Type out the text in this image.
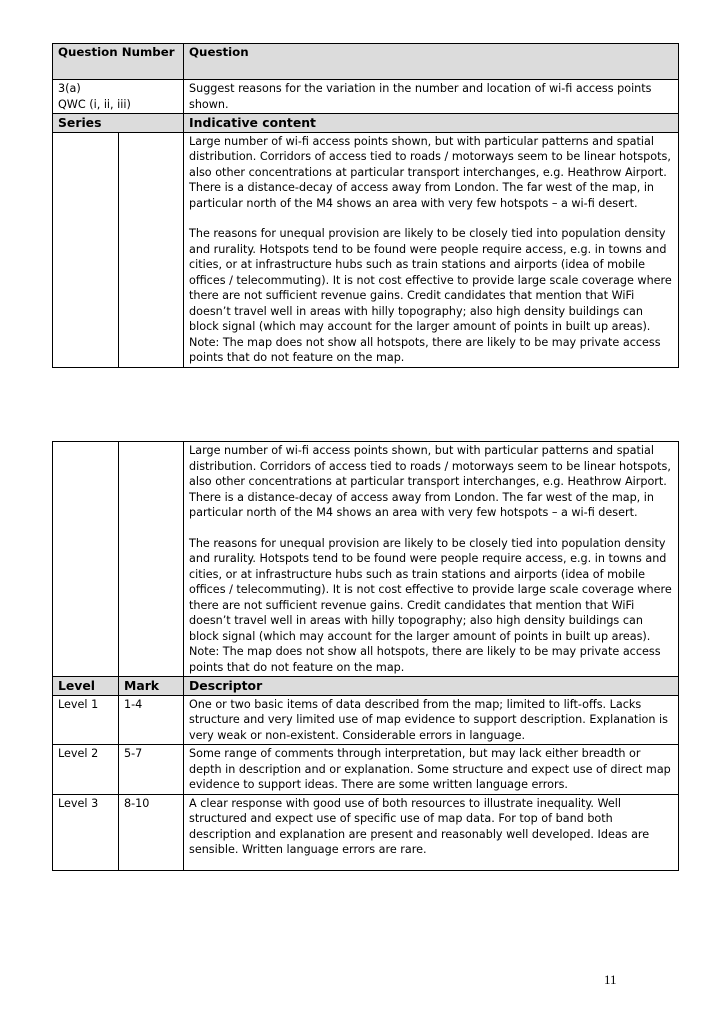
Question Number		Question

3(a)
QWC (i, ii, iii)		Suggest reasons for the variation in the number and location of wi-fi access points shown.
Series		Indicative content

		Large number of wi-fi access points shown, but with particular patterns and spatial distribution. Corridors of access tied to roads / motorways seem to be linear hotspots, also other concentrations at particular transport interchanges, e.g. Heathrow Airport. There is a distance-decay of access away from London. The far west of the map, in particular north of the M4 shows an area with very few hotspots – a wi-fi desert.

The reasons for unequal provision are likely to be closely tied into population density and rurality. Hotspots tend to be found were people require access, e.g. in towns and cities, or at infrastructure hubs such as train stations and airports (idea of mobile offices / telecommuting). It is not cost effective to provide large scale coverage where there are not sufficient revenue gains. Credit candidates that mention that WiFi doesn’t travel well in areas with hilly topography; also high density buildings can block signal (which may account for the larger amount of points in built up areas).

Note: The map does not show all hotspots, there are likely to be may private access points that do not feature on the map.

		Large number of wi-fi access points shown, but with particular patterns and spatial distribution. Corridors of access tied to roads / motorways seem to be linear hotspots, also other concentrations at particular transport interchanges, e.g. Heathrow Airport. There is a distance-decay of access away from London. The far west of the map, in particular north of the M4 shows an area with very few hotspots – a wi-fi desert.

The reasons for unequal provision are likely to be closely tied into population density and rurality. Hotspots tend to be found were people require access, e.g. in towns and cities, or at infrastructure hubs such as train stations and airports (idea of mobile offices / telecommuting). It is not cost effective to provide large scale coverage where there are not sufficient revenue gains. Credit candidates that mention that WiFi doesn’t travel well in areas with hilly topography; also high density buildings can block signal (which may account for the larger amount of points in built up areas).

Note: The map does not show all hotspots, there are likely to be may private access points that do not feature on the map.

Level	Mark	Descriptor
Level 1	1-4	One or two basic items of data described from the map; limited to lift-offs. Lacks structure and very limited use of map evidence to support description. Explanation is very weak or non-existent. Considerable errors in language.
Level 2	5-7	Some range of comments through interpretation, but may lack either breadth or depth in description and or explanation. Some structure and expect use of direct map evidence to support ideas. There are some written language errors.
Level 3	8-10	A clear response with good use of both resources to illustrate inequality. Well structured and expect use of specific use of map data. For top of band both description and explanation are present and reasonably well developed. Ideas are sensible. Written language errors are rare.
11
